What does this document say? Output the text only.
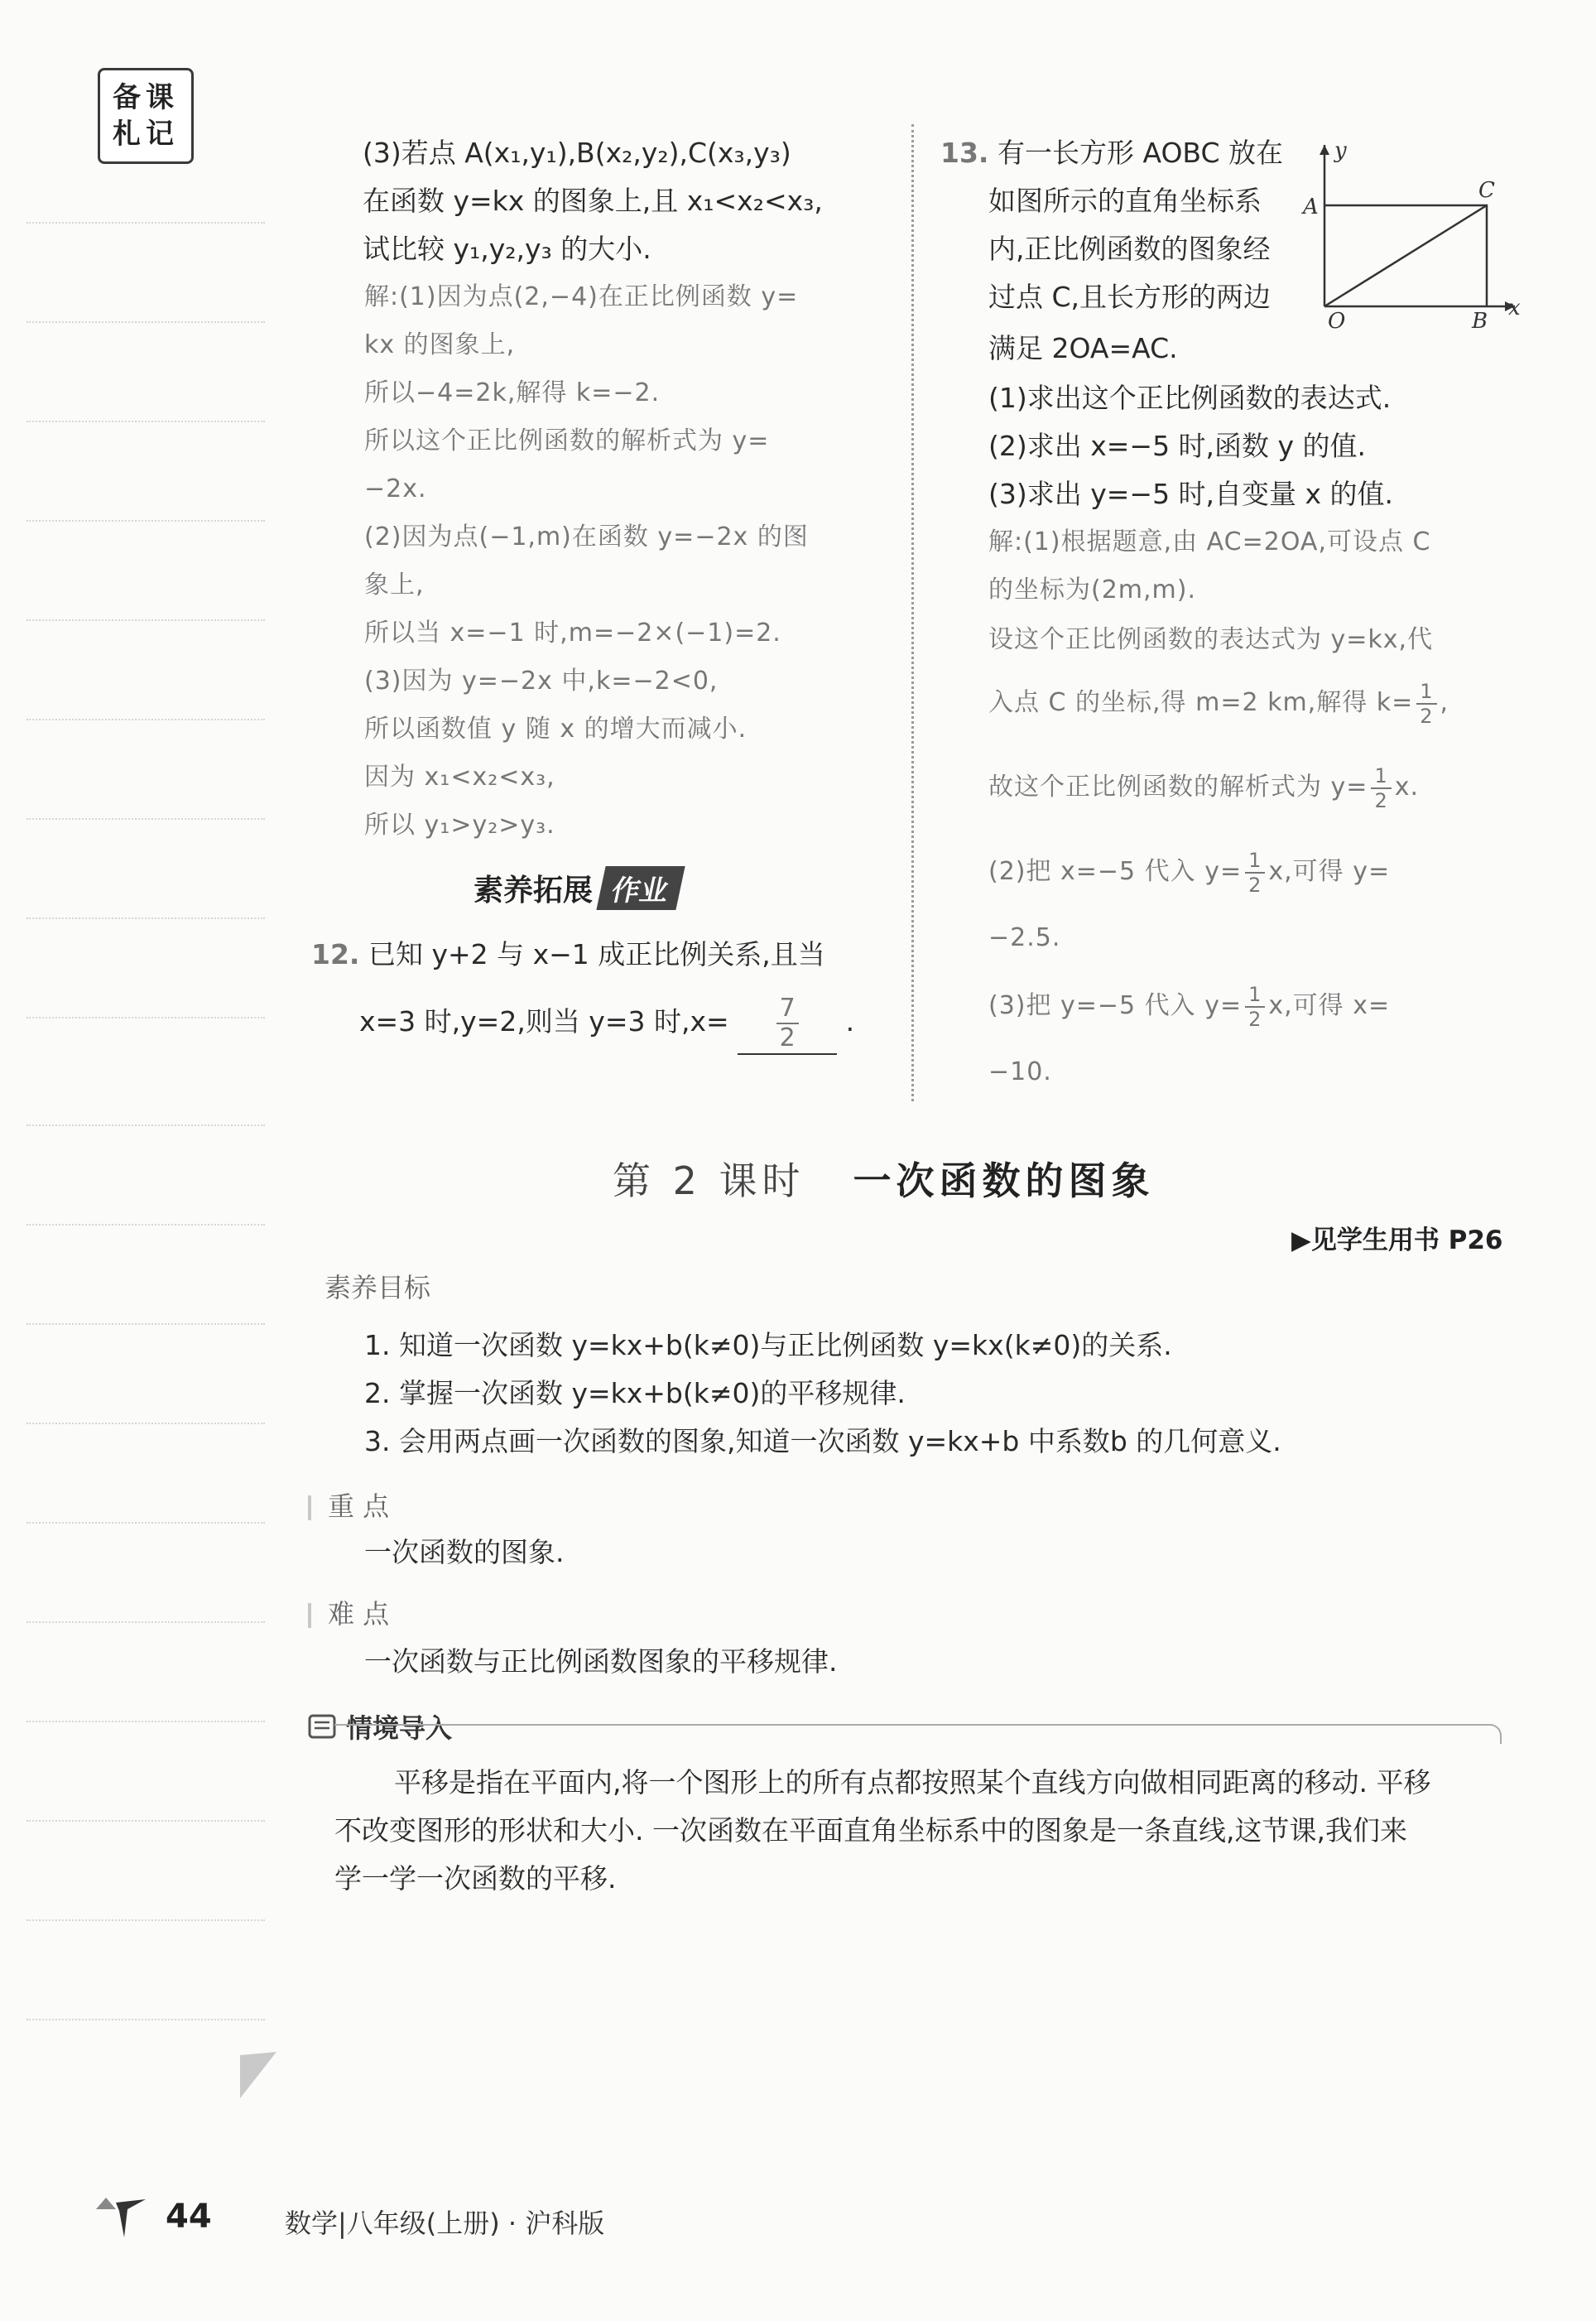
备课
札记
(3)若点 A(x₁,y₁),B(x₂,y₂),C(x₃,y₃)
在函数 y=kx 的图象上,且 x₁<x₂<x₃,
试比较 y₁,y₂,y₃ 的大小.
解:(1)因为点(2,−4)在正比例函数 y=
kx 的图象上,
所以−4=2k,解得 k=−2.
所以这个正比例函数的解析式为 y=
−2x.
(2)因为点(−1,m)在函数 y=−2x 的图
象上,
所以当 x=−1 时,m=−2×(−1)=2.
(3)因为 y=−2x 中,k=−2<0,
所以函数值 y 随 x 的增大而减小.
因为 x₁<x₂<x₃,
所以 y₁>y₂>y₃.
素养拓展 作业
12. 已知 y+2 与 x−1 成正比例关系,且当
x=3 时,y=2,则当 y=3 时$,x= \frac{7}{2}$ .
13. 有一长方形 AOBC 放在
如图所示的直角坐标系
内,正比例函数的图象经
过点 C,且长方形的两边
满足 2OA=AC.
y
x
A
C
O	B
(1)求出这个正比例函数的表达式.
(2)求出 x=−5 时,函数 y 的值.
(3)求出 y=−5 时,自变量 x 的值.
解:(1)根据题意,由 AC=2OA,可设点 C
的坐标为(2m,m).
设这个正比例函数的表达式为 y=kx,代
入点 C 的坐标,得 m=2 km,解得 $k= \frac{1}{2}$ ,
故这个正比例函数的解析式为 $y= \frac{1}{2} x$.
(2)把 x=−5 代入 $y= \frac{1}{2} x$,可得 y=
−2.5.
(3)把 y=−5 代入 $y= \frac{1}{2} x$,可得 x=
−10.
第 2 课时 一次函数的图象
▶见学生用书 P26
素养目标
1. 知道一次函数 y=kx+b(k≠0)与正比例函数 y=kx(k≠0)的关系.
2. 掌握一次函数 y=kx+b(k≠0)的平移规律.
3. 会用两点画一次函数的图象,知道一次函数 y=kx+b 中系数b 的几何意义.
重 点
一次函数的图象.
难 点
一次函数与正比例函数图象的平移规律.
情境导入
平移是指在平面内,将一个图形上的所有点都按照某个直线方向做相同距离的移动. 平移
不改变图形的形状和大小. 一次函数在平面直角坐标系中的图象是一条直线,这节课,我们来
学一学一次函数的平移.
44	数学|八年级(上册) · 沪科版
